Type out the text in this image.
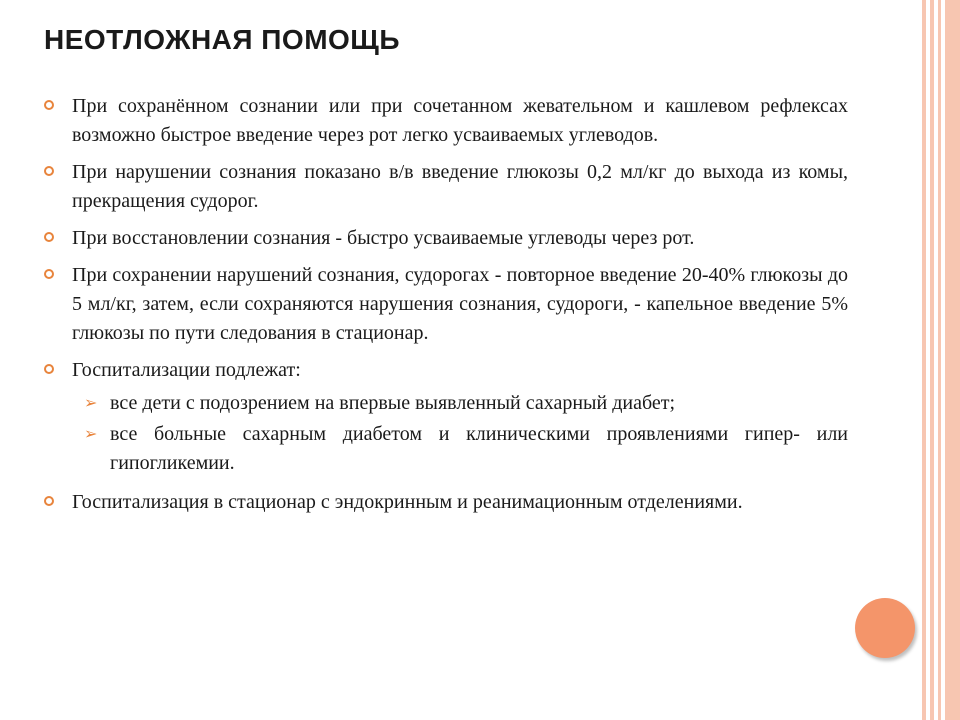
НЕОТЛОЖНАЯ ПОМОЩЬ
При сохранённом сознании или при сочетанном жевательном и кашлевом рефлексах возможно быстрое введение через рот легко усваиваемых углеводов.
При нарушении сознания показано в/в введение глюкозы 0,2 мл/кг до выхода из комы, прекращения судорог.
При восстановлении сознания - быстро усваиваемые углеводы через рот.
При сохранении нарушений сознания, судорогах - повторное введение 20-40% глюкозы до 5 мл/кг, затем, если сохраняются нарушения сознания, судороги, - капельное введение 5% глюкозы по пути следования в стационар.
Госпитализации подлежат:
➢ все дети с подозрением на впервые выявленный сахарный диабет;
➢ все больные сахарным диабетом и клиническими проявлениями гипер- или гипогликемии.
Госпитализация в стационар с эндокринным и реанимационным отделениями.
